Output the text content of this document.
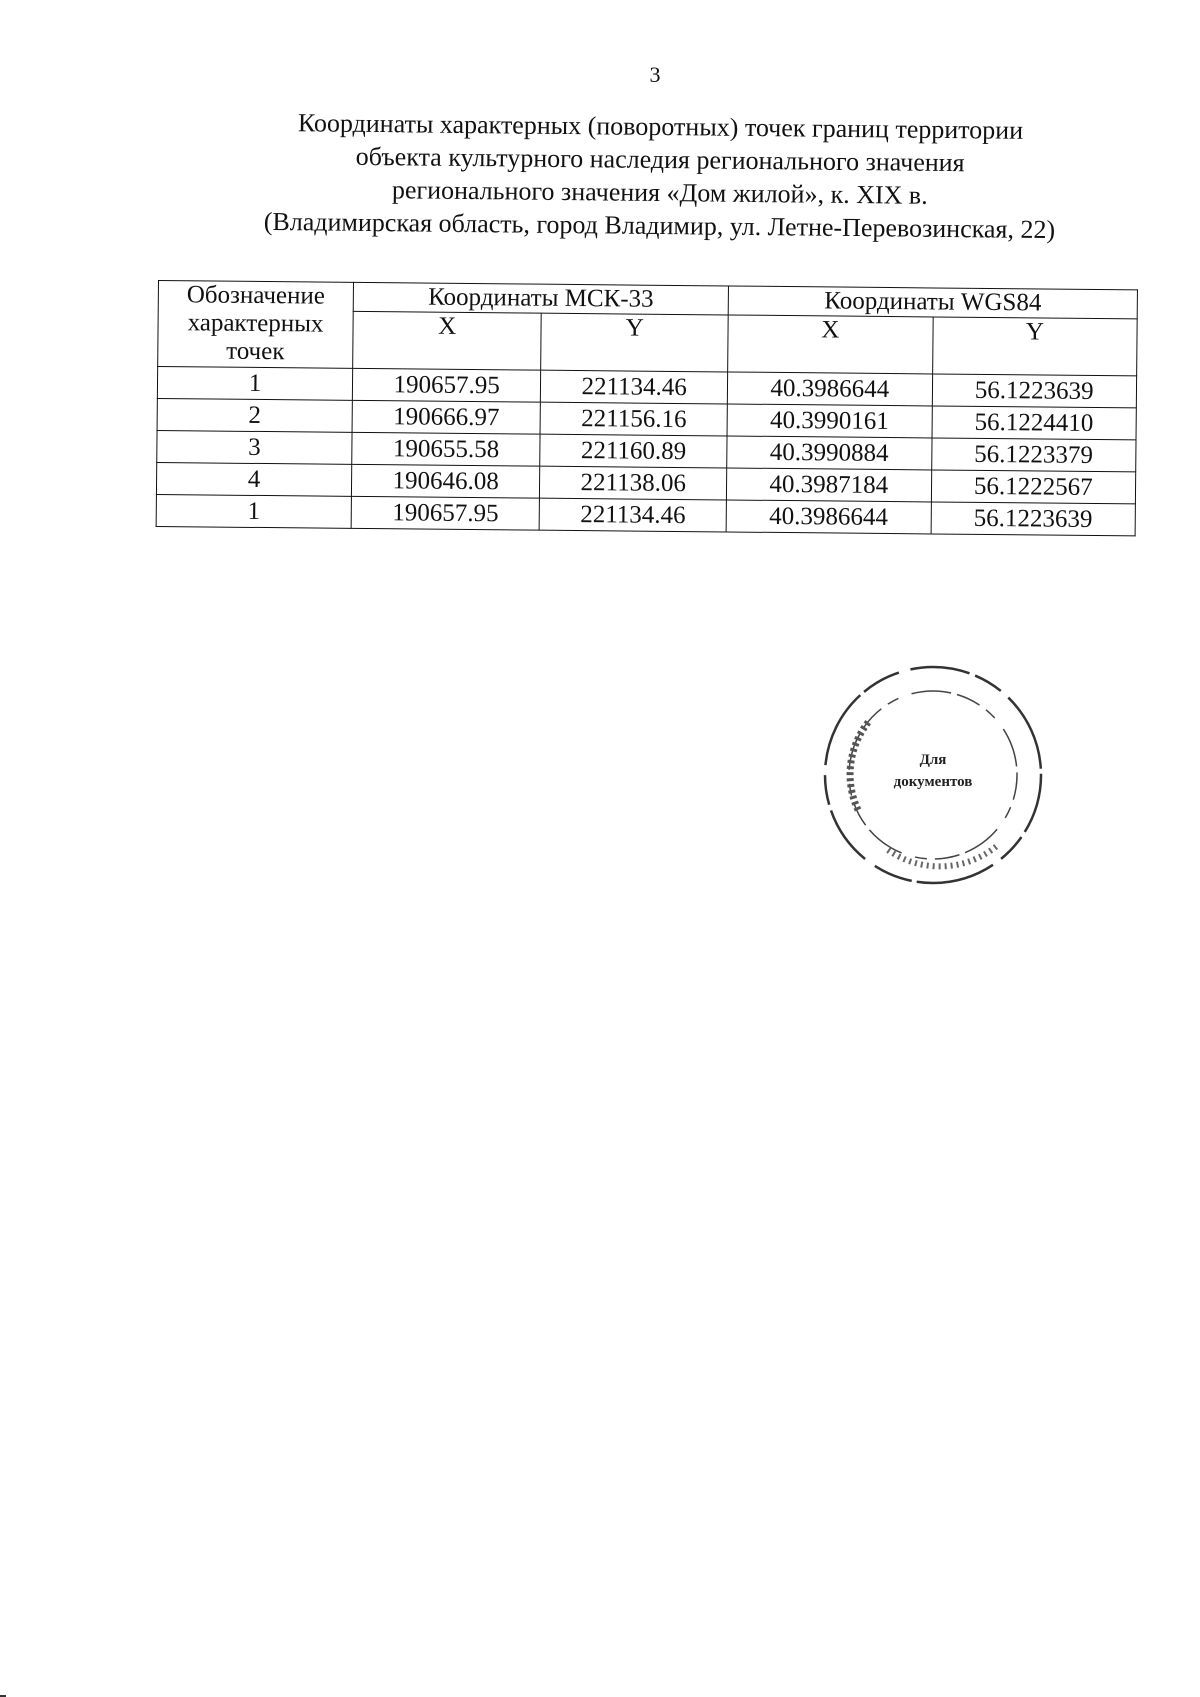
3
Координаты характерных (поворотных) точек границ территории
объекта культурного наследия регионального значения
регионального значения «Дом жилой», к. XIX в.
(Владимирская область, город Владимир, ул. Летне-Перевозинская, 22)
Обозначение характерных точек	Координаты МСК-33		Координаты WGS84	
	X	Y	X	Y
1	190657.95	221134.46	40.3986644	56.1223639
2	190666.97	221156.16	40.3990161	56.1224410
3	190655.58	221160.89	40.3990884	56.1223379
4	190646.08	221138.06	40.3987184	56.1222567
1	190657.95	221134.46	40.3986644	56.1223639
Для
документов
